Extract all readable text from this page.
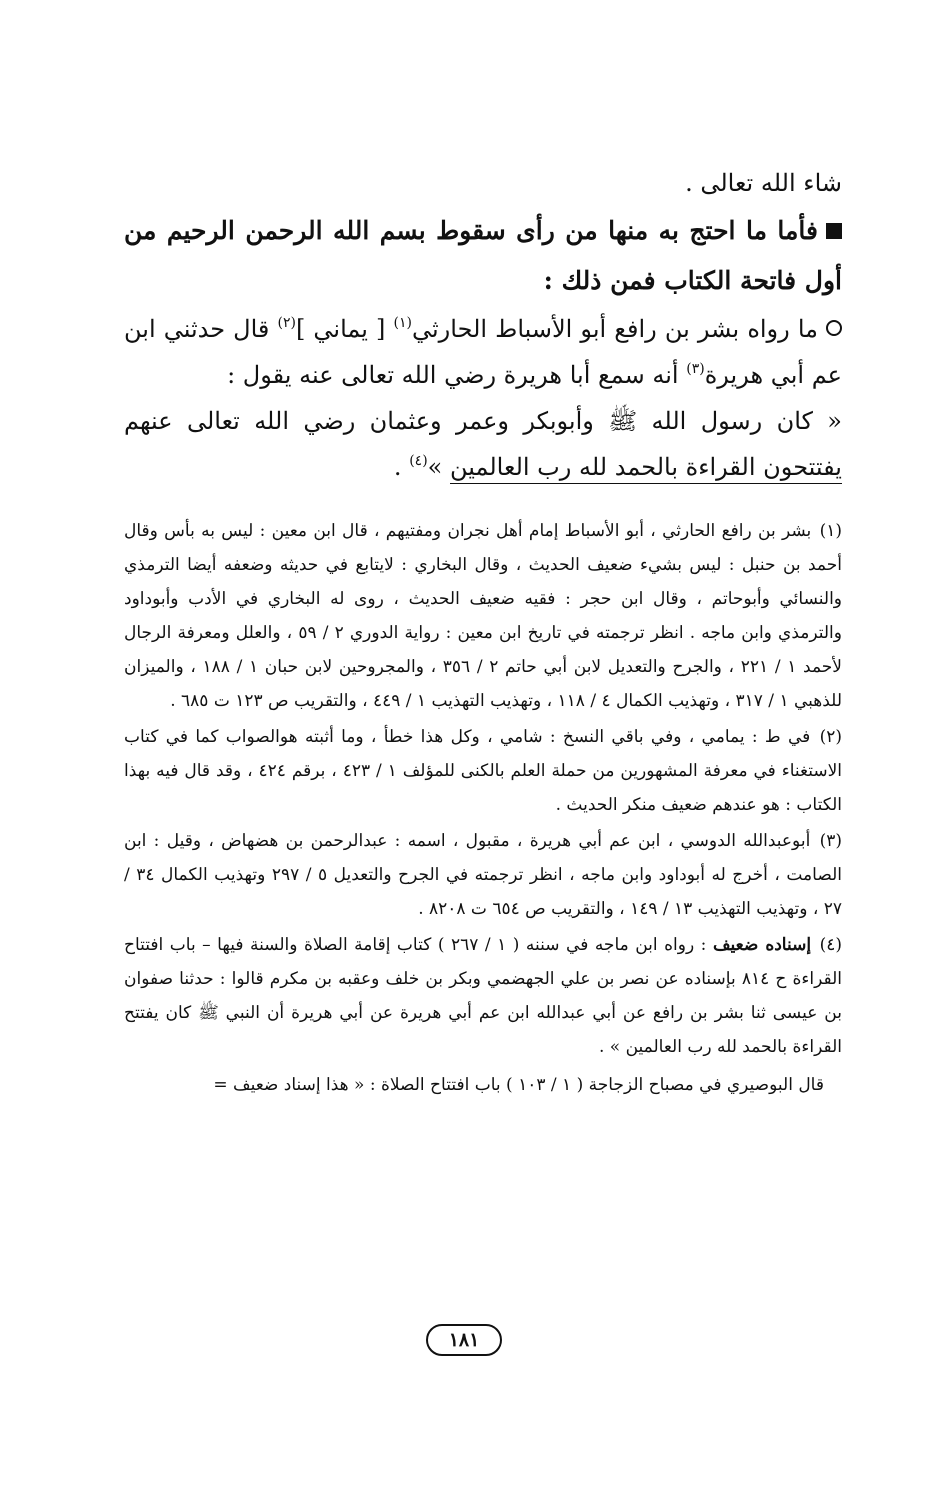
شاء الله تعالى .

فأما ما احتج به منها من رأى سقوط بسم الله الرحمن الرحيم من أول فاتحة الكتاب فمن ذلك :

ما رواه بشر بن رافع أبو الأسباط الحارثي$^{(١)}$ [ يماني ]$^{(٢)}$ قال حدثني ابن عم أبي هريرة$^{(٣)}$ أنه سمع أبا هريرة رضي الله تعالى عنه يقول :

« كان رسول الله ﷺ وأبوبكر وعمر وعثمان رضي الله تعالى عنهم يفتتحون القراءة بالحمد لله رب العالمين »$^{(٤)}$ .

(١) بشر بن رافع الحارثي ، أبو الأسباط إمام أهل نجران ومفتيهم ، قال ابن معين : ليس به بأس وقال أحمد بن حنبل : ليس بشيء ضعيف الحديث ، وقال البخاري : لايتابع في حديثه وضعفه أيضا الترمذي والنسائي وأبوحاتم ، وقال ابن حجر : فقيه ضعيف الحديث ، روى له البخاري في الأدب وأبوداود والترمذي وابن ماجه . انظر ترجمته في تاريخ ابن معين : رواية الدوري ٢ / ٥٩ ، والعلل ومعرفة الرجال لأحمد ١ / ٢٢١ ، والجرح والتعديل لابن أبي حاتم ٢ / ٣٥٦ ، والمجروحين لابن حبان ١ / ١٨٨ ، والميزان للذهبي ١ / ٣١٧ ، وتهذيب الكمال ٤ / ١١٨ ، وتهذيب التهذيب ١ / ٤٤٩ ، والتقريب ص ١٢٣ ت ٦٨٥ .

(٢) في ط : يمامي ، وفي باقي النسخ : شامي ، وكل هذا خطأ ، وما أثبته هوالصواب كما في كتاب الاستغناء في معرفة المشهورين من حملة العلم بالكنى للمؤلف ١ / ٤٢٣ ، برقم ٤٢٤ ، وقد قال فيه بهذا الكتاب : هو عندهم ضعيف منكر الحديث .

(٣) أبوعبدالله الدوسي ، ابن عم أبي هريرة ، مقبول ، اسمه : عبدالرحمن بن هضهاض ، وقيل : ابن الصامت ، أخرج له أبوداود وابن ماجه ، انظر ترجمته في الجرح والتعديل ٥ / ٢٩٧ وتهذيب الكمال ٣٤ / ٢٧ ، وتهذيب التهذيب ١٣ / ١٤٩ ، والتقريب ص ٦٥٤ ت ٨٢٠٨ .

(٤) إسناده ضعيف : رواه ابن ماجه في سننه ( ١ / ٢٦٧ ) كتاب إقامة الصلاة والسنة فيها – باب افتتاح القراءة ح ٨١٤ بإسناده عن نصر بن علي الجهضمي وبكر بن خلف وعقبه بن مكرم قالوا : حدثنا صفوان بن عيسى ثنا بشر بن رافع عن أبي عبدالله ابن عم أبي هريرة عن أبي هريرة أن النبي ﷺ كان يفتتح القراءة بالحمد لله رب العالمين » .

قال البوصيري في مصباح الزجاجة ( ١ / ١٠٣ ) باب افتتاح الصلاة : « هذا إسناد ضعيف =

١٨١
